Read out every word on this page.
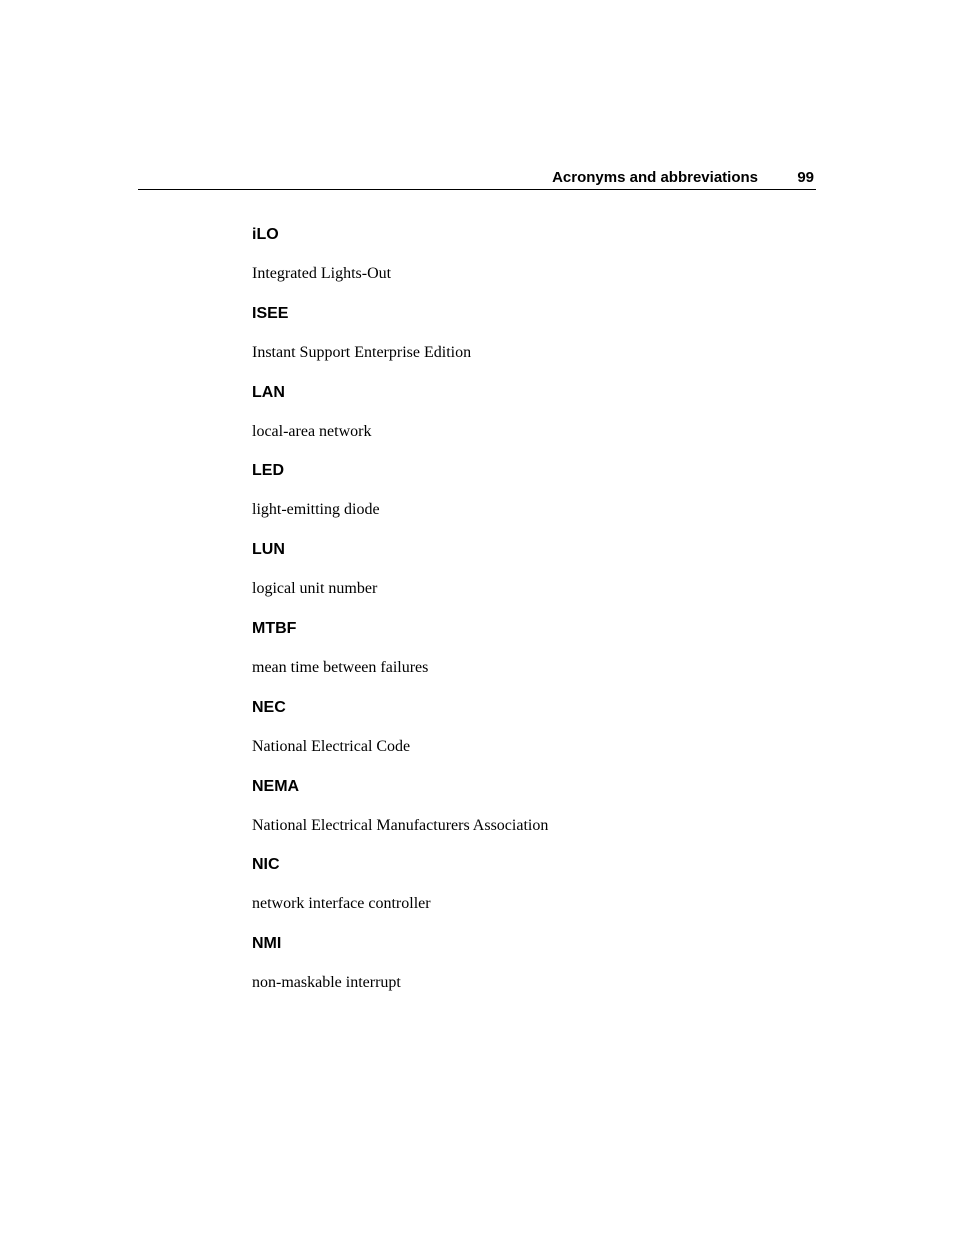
Acronyms and abbreviations	99
iLO
Integrated Lights-Out
ISEE
Instant Support Enterprise Edition
LAN
local-area network
LED
light-emitting diode
LUN
logical unit number
MTBF
mean time between failures
NEC
National Electrical Code
NEMA
National Electrical Manufacturers Association
NIC
network interface controller
NMI
non-maskable interrupt
